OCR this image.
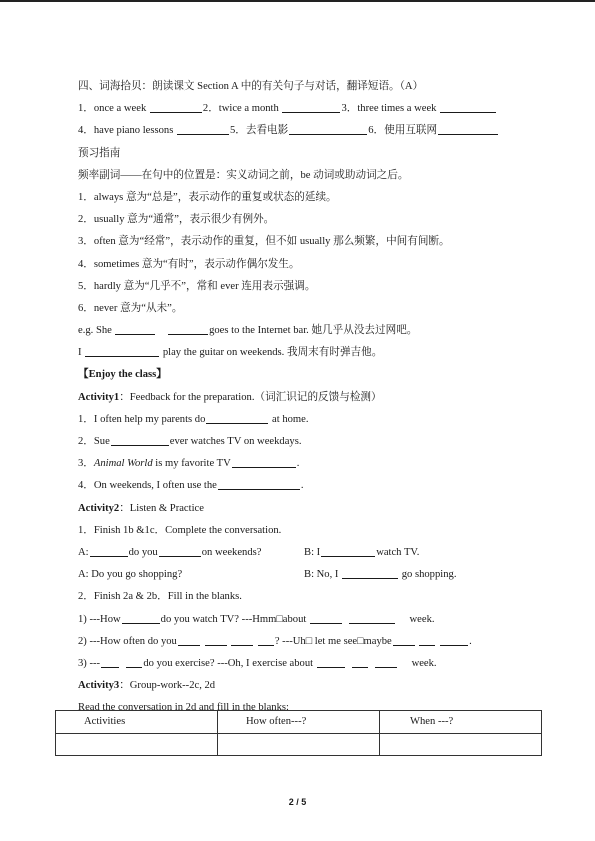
四、词海拾贝：朗读课文 Section A 中的有关句子与对话，翻译短语。（A）
1．once a week	2．twice a month	3．three times a week
4．have piano lessons	5．去看电影	6．使用互联网
预习指南
频率副词——在句中的位置是：实义动词之前，be 动词或助动词之后。
1．always 意为“总是”，表示动作的重复或状态的延续。
2．usually 意为“通常”，表示很少有例外。
3．often 意为“经常”，表示动作的重复，但不如 usually 那么频繁，中间有间断。
4．sometimes 意为“有时”，表示动作偶尔发生。
5．hardly 意为“几乎不”，常和 ever 连用表示强调。
6．never 意为“从未”。
e.g. She	goes to the Internet bar. 她几乎从没去过网吧。
I	play the guitar on weekends. 我周末有时弹吉他。
【Enjoy the class】
Activity1：Feedback for the preparation.（词汇识记的反馈与检测）
1．I often help my parents do	at home.
2．Sue	ever watches TV on weekdays.
3．Animal World is my favorite TV	.
4．On weekends, I often use the	.
Activity2：Listen & Practice
1．Finish 1b &1c．Complete the conversation.
A:	do you	on weekends?	B: I	watch TV.
A: Do you go shopping?	B: No, I	go shopping.
2．Finish 2a & 2b．Fill in the blanks.
1) ---How	do you watch TV? ---Hmm□about	week.
2) ---How often do you	? ---Uh□ let me see□maybe	.
3) ---	do you exercise? ---Oh, I exercise about	week.
Activity3：Group-work--2c, 2d
Read the conversation in 2d and fill in the blanks:
Activities	How often---?	When ---?
2 / 5
